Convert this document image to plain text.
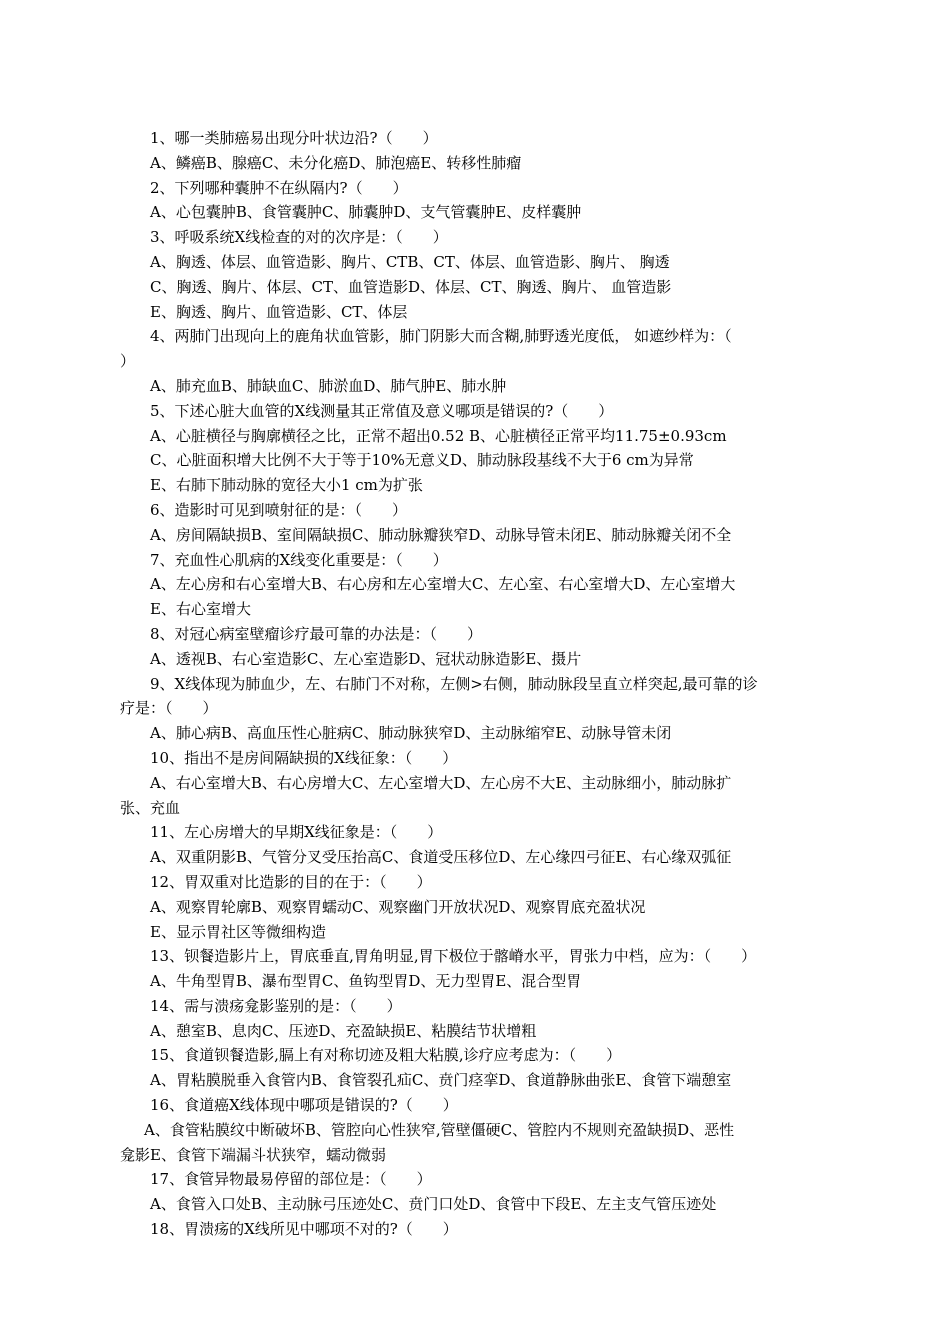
1、哪一类肺癌易出现分叶状边沿?（　　）
A、鳞癌B、腺癌C、未分化癌D、肺泡癌E、转移性肺瘤
2、下列哪种囊肿不在纵隔内?（　　）
A、心包囊肿B、食管囊肿C、肺囊肿D、支气管囊肿E、皮样囊肿
3、呼吸系统X线检查的对的次序是：（　　）
A、胸透、体层、血管造影、胸片、CTB、CT、体层、血管造影、胸片、 胸透
C、胸透、胸片、体层、CT、血管造影D、体层、CT、胸透、胸片、 血管造影
E、胸透、胸片、血管造影、CT、体层
4、两肺门出现向上的鹿角状血管影，肺门阴影大而含糊,肺野透光度低， 如遮纱样为：（
）
A、肺充血B、肺缺血C、肺淤血D、肺气肿E、肺水肿
5、下述心脏大血管的X线测量其正常值及意义哪项是错误的?（　　）
A、心脏横径与胸廓横径之比，正常不超出0.52 B、心脏横径正常平均11.75±0.93cm
C、心脏面积增大比例不大于等于10%无意义D、肺动脉段基线不大于6 cm为异常
E、右肺下肺动脉的宽径大小1 cm为扩张
6、造影时可见到喷射征的是：（　　）
A、房间隔缺损B、室间隔缺损C、肺动脉瓣狭窄D、动脉导管未闭E、肺动脉瓣关闭不全
7、充血性心肌病的X线变化重要是：（　　）
A、左心房和右心室增大B、右心房和左心室增大C、左心室、右心室增大D、左心室增大
E、右心室增大
8、对冠心病室壁瘤诊疗最可靠的办法是：（　　）
A、透视B、右心室造影C、左心室造影D、冠状动脉造影E、摄片
9、X线体现为肺血少，左、右肺门不对称，左侧>右侧，肺动脉段呈直立样突起,最可靠的诊
疗是：（　　）
A、肺心病B、高血压性心脏病C、肺动脉狭窄D、主动脉缩窄E、动脉导管未闭
10、指出不是房间隔缺损的X线征象：（　　）
A、右心室增大B、右心房增大C、左心室增大D、左心房不大E、主动脉细小，肺动脉扩
张、充血
11、左心房增大的早期X线征象是：（　　）
A、双重阴影B、气管分叉受压抬高C、食道受压移位D、左心缘四弓征E、右心缘双弧征
12、胃双重对比造影的目的在于：（　　）
A、观察胃轮廓B、观察胃蠕动C、观察幽门开放状况D、观察胃底充盈状况
E、显示胃社区等微细构造
13、钡餐造影片上，胃底垂直,胃角明显,胃下极位于髂嵴水平，胃张力中档，应为：（　　）
A、牛角型胃B、瀑布型胃C、鱼钩型胃D、无力型胃E、混合型胃
14、需与溃疡龛影鉴别的是：（　　）
A、憩室B、息肉C、压迹D、充盈缺损E、粘膜结节状增粗
15、食道钡餐造影,膈上有对称切迹及粗大粘膜,诊疗应考虑为：（　　）
A、胃粘膜脱垂入食管内B、食管裂孔疝C、贲门痉挛D、食道静脉曲张E、食管下端憩室
16、食道癌X线体现中哪项是错误的?（　　）
A、食管粘膜纹中断破坏B、管腔向心性狭窄,管壁僵硬C、管腔内不规则充盈缺损D、恶性
龛影E、食管下端漏斗状狭窄，蠕动微弱
17、食管异物最易停留的部位是：（　　）
A、食管入口处B、主动脉弓压迹处C、贲门口处D、食管中下段E、左主支气管压迹处
18、胃溃疡的X线所见中哪项不对的?（　　）
